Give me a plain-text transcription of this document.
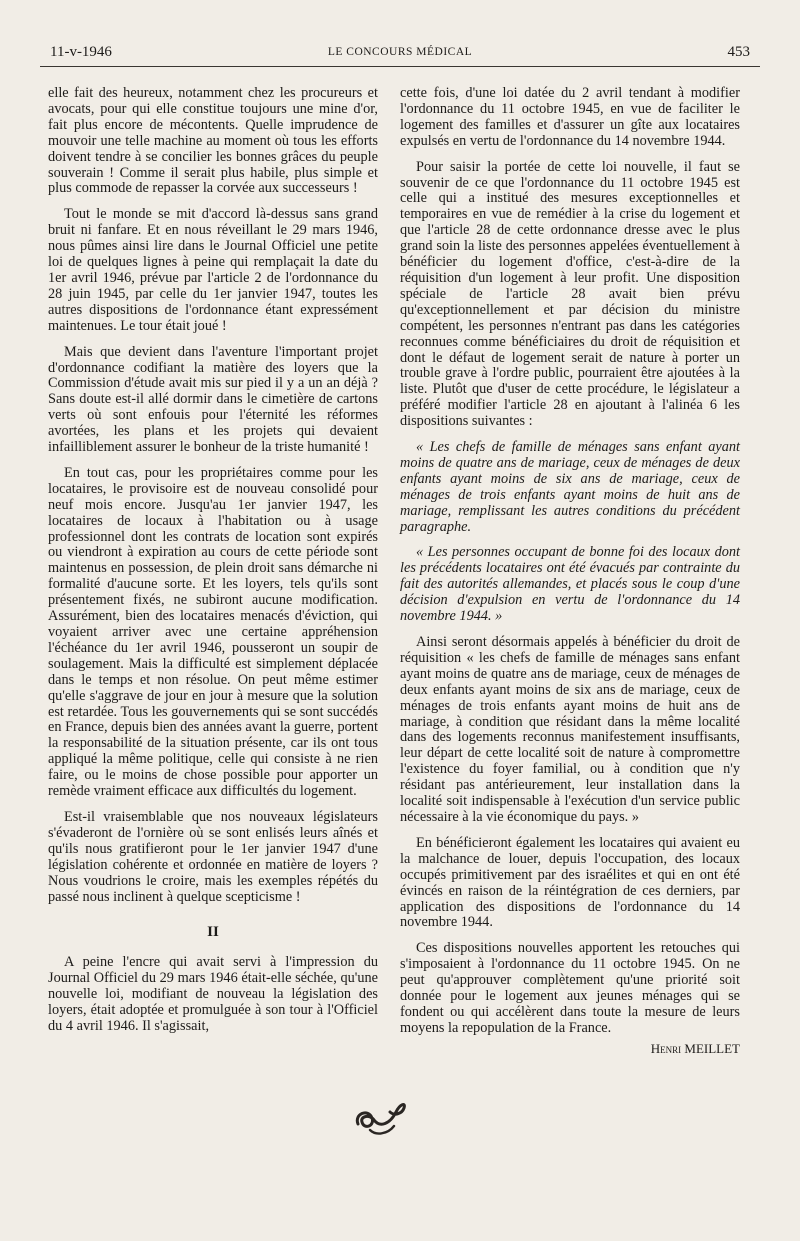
11-v-1946	LE CONCOURS MÉDICAL	453

elle fait des heureux, notamment chez les procureurs et avocats, pour qui elle constitue toujours une mine d'or, fait plus encore de mécontents. Quelle imprudence de mouvoir une telle machine au moment où tous les efforts doivent tendre à se concilier les bonnes grâces du peuple souverain ! Comme il serait plus habile, plus simple et plus commode de repasser la corvée aux successeurs !

Tout le monde se mit d'accord là-dessus sans grand bruit ni fanfare. Et en nous réveillant le 29 mars 1946, nous pûmes ainsi lire dans le Journal Officiel une petite loi de quelques lignes à peine qui remplaçait la date du 1er avril 1946, prévue par l'article 2 de l'ordonnance du 28 juin 1945, par celle du 1er janvier 1947, toutes les autres dispositions de l'ordonnance étant expressément maintenues. Le tour était joué !

Mais que devient dans l'aventure l'important projet d'ordonnance codifiant la matière des loyers que la Commission d'étude avait mis sur pied il y a un an déjà ? Sans doute est-il allé dormir dans le cimetière de cartons verts où sont enfouis pour l'éternité les réformes avortées, les plans et les projets qui devaient infailliblement assurer le bonheur de la triste humanité !

En tout cas, pour les propriétaires comme pour les locataires, le provisoire est de nouveau consolidé pour neuf mois encore. Jusqu'au 1er janvier 1947, les locataires de locaux à l'habitation ou à usage professionnel dont les contrats de location sont expirés ou viendront à expiration au cours de cette période sont maintenus en possession, de plein droit sans démarche ni formalité d'aucune sorte. Et les loyers, tels qu'ils sont présentement fixés, ne subiront aucune modification. Assurément, bien des locataires menacés d'éviction, qui voyaient arriver avec une certaine appréhension l'échéance du 1er avril 1946, pousseront un soupir de soulagement. Mais la difficulté est simplement déplacée dans le temps et non résolue. On peut même estimer qu'elle s'aggrave de jour en jour à mesure que la solution est retardée. Tous les gouvernements qui se sont succédés en France, depuis bien des années avant la guerre, portent la responsabilité de la situation présente, car ils ont tous appliqué la même politique, celle qui consiste à ne rien faire, ou le moins de chose possible pour apporter un remède vraiment efficace aux difficultés du logement.

Est-il vraisemblable que nos nouveaux législateurs s'évaderont de l'ornière où se sont enlisés leurs aînés et qu'ils nous gratifieront pour le 1er janvier 1947 d'une législation cohérente et ordonnée en matière de loyers ? Nous voudrions le croire, mais les exemples répétés du passé nous inclinent à quelque scepticisme !

II

A peine l'encre qui avait servi à l'impression du Journal Officiel du 29 mars 1946 était-elle séchée, qu'une nouvelle loi, modifiant de nouveau la législation des loyers, était adoptée et promulguée à son tour à l'Officiel du 4 avril 1946. Il s'agissait,

cette fois, d'une loi datée du 2 avril tendant à modifier l'ordonnance du 11 octobre 1945, en vue de faciliter le logement des familles et d'assurer un gîte aux locataires expulsés en vertu de l'ordonnance du 14 novembre 1944.

Pour saisir la portée de cette loi nouvelle, il faut se souvenir de ce que l'ordonnance du 11 octobre 1945 est celle qui a institué des mesures exceptionnelles et temporaires en vue de remédier à la crise du logement et que l'article 28 de cette ordonnance dresse avec le plus grand soin la liste des personnes appelées éventuellement à bénéficier du logement d'office, c'est-à-dire de la réquisition d'un logement à leur profit. Une disposition spéciale de l'article 28 avait bien prévu qu'exceptionnellement et par décision du ministre compétent, les personnes n'entrant pas dans les catégories reconnues comme bénéficiaires du droit de réquisition et dont le défaut de logement serait de nature à porter un trouble grave à l'ordre public, pourraient être ajoutées à la liste. Plutôt que d'user de cette procédure, le législateur a préféré modifier l'article 28 en ajoutant à l'alinéa 6 les dispositions suivantes :

« Les chefs de famille de ménages sans enfant ayant moins de quatre ans de mariage, ceux de ménages de deux enfants ayant moins de six ans de mariage, ceux de ménages de trois enfants ayant moins de huit ans de mariage, remplissant les autres conditions du précédent paragraphe.

« Les personnes occupant de bonne foi des locaux dont les précédents locataires ont été évacués par contrainte du fait des autorités allemandes, et placés sous le coup d'une décision d'expulsion en vertu de l'ordonnance du 14 novembre 1944. »

Ainsi seront désormais appelés à bénéficier du droit de réquisition « les chefs de famille de ménages sans enfant ayant moins de quatre ans de mariage, ceux de ménages de deux enfants ayant moins de six ans de mariage, ceux de ménages de trois enfants ayant moins de huit ans de mariage, à condition que résidant dans la même localité dans des logements reconnus manifestement insuffisants, leur départ de cette localité soit de nature à compromettre l'existence du foyer familial, ou à condition que n'y résidant pas antérieurement, leur installation dans la localité soit indispensable à l'exécution d'un service public nécessaire à la vie économique du pays. »

En bénéficieront également les locataires qui avaient eu la malchance de louer, depuis l'occupation, des locaux occupés primitivement par des israélites et qui en ont été évincés en raison de la réintégration de ces derniers, par application des dispositions de l'ordonnance du 14 novembre 1944.

Ces dispositions nouvelles apportent les retouches qui s'imposaient à l'ordonnance du 11 octobre 1945. On ne peut qu'approuver complètement qu'une priorité soit donnée pour le logement aux jeunes ménages qui se fondent ou qui accélèrent dans toute la mesure de leurs moyens la repopulation de la France.

Henri MEILLET
